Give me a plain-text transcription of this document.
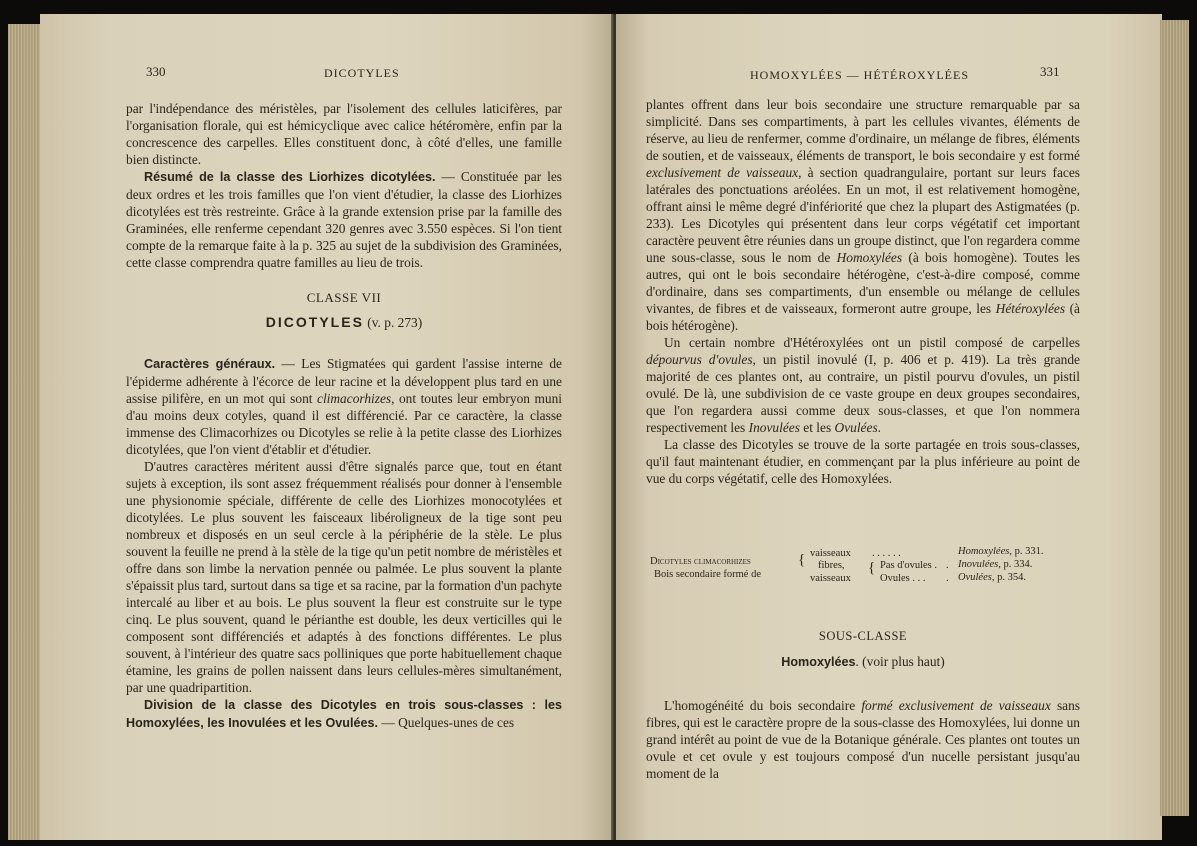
330	DICOTYLES

par l'indépendance des méristèles, par l'isolement des cellules laticifères, par l'organisation florale, qui est hémicyclique avec calice hétéromère, enfin par la concrescence des carpelles. Elles constituent donc, à côté d'elles, une famille bien distincte.

Résumé de la classe des Liorhizes dicotylées. — Constituée par les deux ordres et les trois familles que l'on vient d'étudier, la classe des Liorhizes dicotylées est très restreinte. Grâce à la grande extension prise par la famille des Graminées, elle renferme cependant 320 genres avec 3.550 espèces. Si l'on tient compte de la remarque faite à la p. 325 au sujet de la subdivision des Graminées, cette classe comprendra quatre familles au lieu de trois.

CLASSE VII

DICOTYLES (v. p. 273)

Caractères généraux. — Les Stigmatées qui gardent l'assise interne de l'épiderme adhérente à l'écorce de leur racine et la développent plus tard en une assise pilifère, en un mot qui sont climacorhizes, ont toutes leur embryon muni d'au moins deux cotyles, quand il est différencié. Par ce caractère, la classe immense des Climacorhizes ou Dicotyles se relie à la petite classe des Liorhizes dicotylées, que l'on vient d'établir et d'étudier.

D'autres caractères méritent aussi d'être signalés parce que, tout en étant sujets à exception, ils sont assez fréquemment réalisés pour donner à l'ensemble une physionomie spéciale, différente de celle des Liorhizes monocotylées et dicotylées. Le plus souvent les faisceaux libéroligneux de la tige sont peu nombreux et disposés en un seul cercle à la périphérie de la stèle. Le plus souvent la feuille ne prend à la stèle de la tige qu'un petit nombre de méristèles et offre dans son limbe la nervation pennée ou palmée. Le plus souvent la plante s'épaissit plus tard, surtout dans sa tige et sa racine, par la formation d'un pachyte intercalé au liber et au bois. Le plus souvent la fleur est construite sur le type cinq. Le plus souvent, quand le périanthe est double, les deux verticilles qui le composent sont différenciés et adaptés à des fonctions différentes. Le plus souvent, à l'intérieur des quatre sacs polliniques que porte habituellement chaque étamine, les grains de pollen naissent dans leurs cellules-mères simultanément, par une quadripartition.

Division de la classe des Dicotyles en trois sous-classes : les Homoxylées, les Inovulées et les Ovulées. — Quelques-unes de ces

HOMOXYLÉES — HÉTÉROXYLÉES	331

plantes offrent dans leur bois secondaire une structure remarquable par sa simplicité. Dans ses compartiments, à part les cellules vivantes, éléments de réserve, au lieu de renfermer, comme d'ordinaire, un mélange de fibres, éléments de soutien, et de vaisseaux, éléments de transport, le bois secondaire y est formé exclusivement de vaisseaux, à section quadrangulaire, portant sur leurs faces latérales des ponctuations aréolées. En un mot, il est relativement homogène, offrant ainsi le même degré d'infériorité que chez la plupart des Astigmatées (p. 233). Les Dicotyles qui présentent dans leur corps végétatif cet important caractère peuvent être réunies dans un groupe distinct, que l'on regardera comme une sous-classe, sous le nom de Homoxylées (à bois homogène). Toutes les autres, qui ont le bois secondaire hétérogène, c'est-à-dire composé, comme d'ordinaire, dans ses compartiments, d'un ensemble ou mélange de cellules vivantes, de fibres et de vaisseaux, formeront autre groupe, les Hétéroxylées (à bois hétérogène).

Un certain nombre d'Hétéroxylées ont un pistil composé de carpelles dépourvus d'ovules, un pistil inovulé (I, p. 406 et p. 419). La très grande majorité de ces plantes ont, au contraire, un pistil pourvu d'ovules, un pistil ovulé. De là, une subdivision de ce vaste groupe en deux groupes secondaires, que l'on regardera aussi comme deux sous-classes, et que l'on nommera respectivement les Inovulées et les Ovulées.

La classe des Dicotyles se trouve de la sorte partagée en trois sous-classes, qu'il faut maintenant étudier, en commençant par la plus inférieure au point de vue du corps végétatif, celle des Homoxylées.

SOUS-CLASSE

Homoxylées. (voir plus haut)

L'homogénéité du bois secondaire formé exclusivement de vaisseaux sans fibres, qui est le caractère propre de la sous-classe des Homoxylées, lui donne un grand intérêt au point de vue de la Botanique générale. Ces plantes ont toutes un ovule et cet ovule y est toujours composé d'un nucelle persistant jusqu'au moment de la

Dicotyles climacorhizes
Bois secondaire formé de
{ vaisseaux
fibres,
vaisseaux
{
. . . . . .
Pas d'ovules .
Ovules . . .
.
.
Homoxylées, p. 331.
Inovulées, p. 334.
Ovulées, p. 354.
